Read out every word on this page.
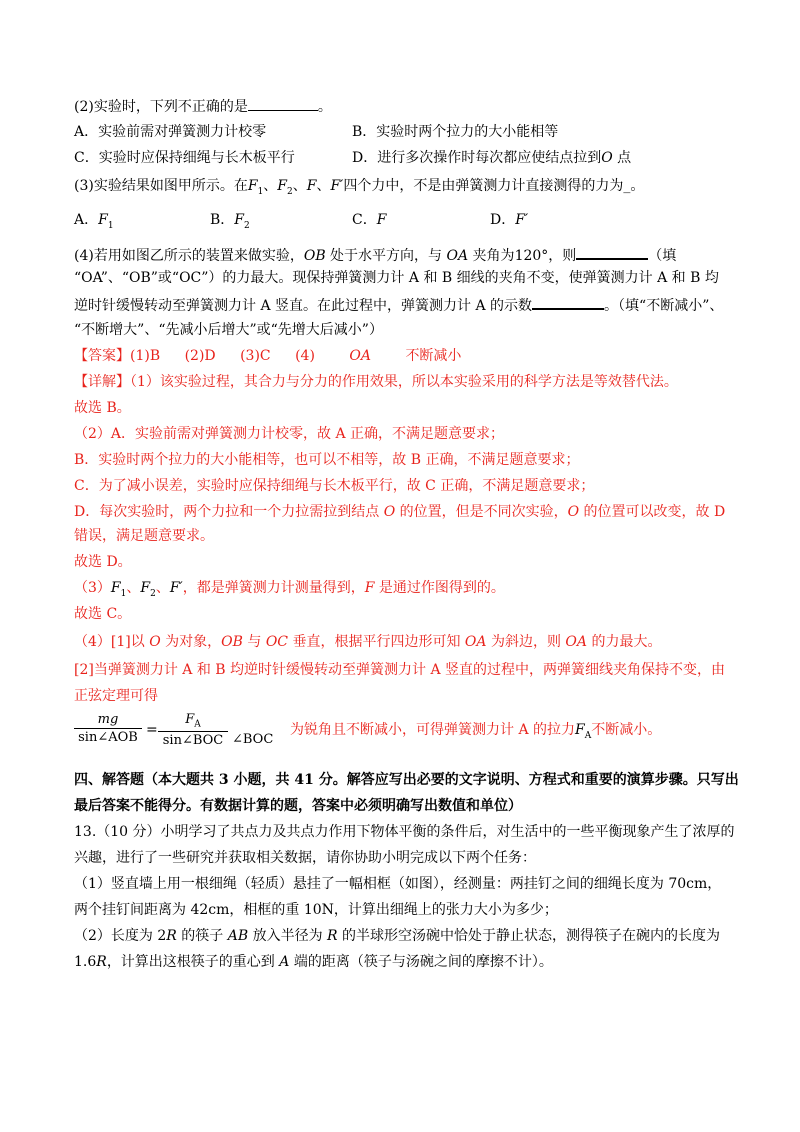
(2)实验时，下列不正确的是	。
A．实验前需对弹簧测力计校零	B．实验时两个拉力的大小能相等
C．实验时应保持细绳与长木板平行	D．进行多次操作时每次都应使结点拉到O 点
(3)实验结果如图甲所示。在$F_1$、$F_2$、F、F′四个力中，不是由弹簧测力计直接测得的力为_。
A．$F_1$	B．$F_2$	C．F	D．F′
(4)若用如图乙所示的装置来做实验，OB 处于水平方向，与 OA 夹角为120°，则	（填
“OA”、“OB”或“OC”）的力最大。现保持弹簧测力计 A 和 B 细线的夹角不变，使弹簧测力计 A 和 B 均
逆时针缓慢转动至弹簧测力计 A 竖直。在此过程中，弹簧测力计 A 的示数	。（填“不断减小”、
“不断增大”、“先减小后增大”或“先增大后减小”）
【答案】(1)B (2)D (3)C (4) OA 不断减小
【详解】（1）该实验过程，其合力与分力的作用效果，所以本实验采用的科学方法是等效替代法。
故选 B。
（2）A．实验前需对弹簧测力计校零，故 A 正确，不满足题意要求；
B．实验时两个拉力的大小能相等，也可以不相等，故 B 正确，不满足题意要求；
C．为了减小误差，实验时应保持细绳与长木板平行，故 C 正确，不满足题意要求；
D．每次实验时，两个力拉和一个力拉需拉到结点 O 的位置，但是不同次实验，O 的位置可以改变，故 D
错误，满足题意要求。
故选 D。
$(3)F_1$、$F_2$、F′，都是弹簧测力计测量得到，F 是通过作图得到的。
故选 C。
（4）[1]以 O 为对象，OB 与 OC 垂直，根据平行四边形可知 OA 为斜边，则 OA 的力最大。
[2]当弹簧测力计 A 和 B 均逆时针缓慢转动至弹簧测力计 A 竖直的过程中，两弹簧细线夹角保持不变，由
正弦定理可得
mg
sin∠AOB =
$F_A$
sin∠BOC ∠BOC
为锐角且不断减小，可得弹簧测力计 A 的拉力$F_A$不断减小。
四、解答题（本大题共 3 小题，共 41 分。解答应写出必要的文字说明、方程式和重要的演算步骤。只写出
最后答案不能得分。有数据计算的题，答案中必须明确写出数值和单位）
13.（10 分）小明学习了共点力及共点力作用下物体平衡的条件后，对生活中的一些平衡现象产生了浓厚的
兴趣，进行了一些研究并获取相关数据，请你协助小明完成以下两个任务：
（1）竖直墙上用一根细绳（轻质）悬挂了一幅相框（如图），经测量：两挂钉之间的细绳长度为 70cm，
两个挂钉间距离为 42cm，相框的重 10N，计算出细绳上的张力大小为多少；
（2）长度为 2R 的筷子 AB 放入半径为 R 的半球形空汤碗中恰处于静止状态，测得筷子在碗内的长度为
1.6R，计算出这根筷子的重心到 A 端的距离（筷子与汤碗之间的摩擦不计）。
